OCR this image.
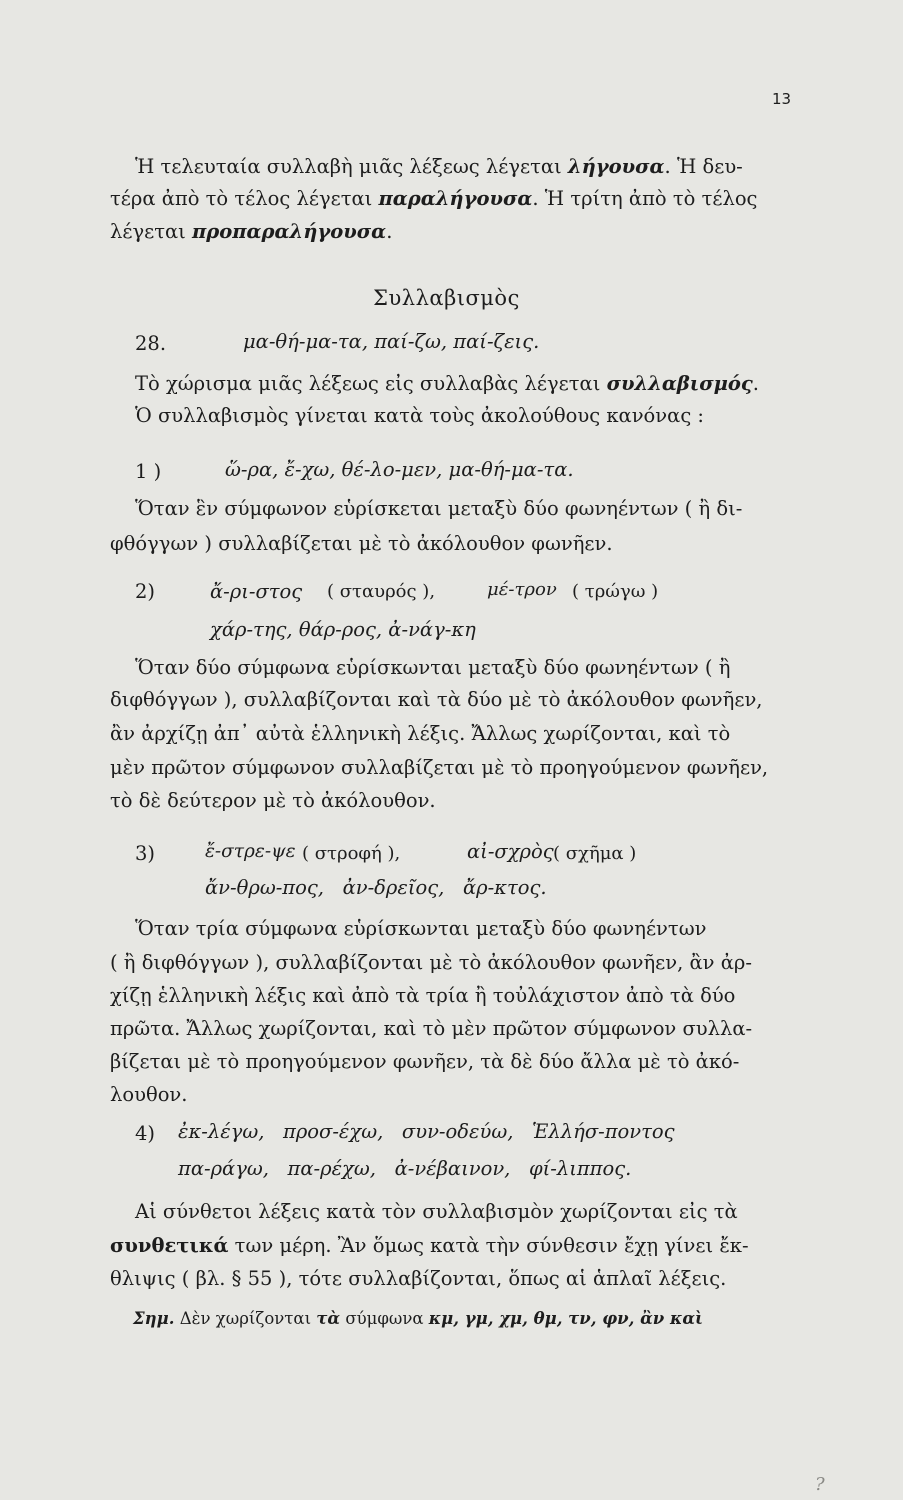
13
Ἡ τελευταία συλλαβὴ μιᾶς λέξεως λέγεται λήγουσα. Ἡ δευ-
τέρα ἀπὸ τὸ τέλος λέγεται παραλήγουσα. Ἡ τρίτη ἀπὸ τὸ τέλος
λέγεται προπαραλήγουσα.
Συλλαβισμὸς
28.	μα-θή-μα-τα, παί-ζω, παί-ζεις.
Τὸ χώρισμα μιᾶς λέξεως εἰς συλλαβὰς λέγεται συλλαβισμός.
Ὁ συλλαβισμὸς γίνεται κατὰ τοὺς ἀκολούθους κανόνας :
1 )	ὥ-ρα, ἔ-χω, θέ-λο-μεν, μα-θή-μα-τα.
Ὅταν ἓν σύμφωνον εὑρίσκεται μεταξὺ δύο φωνηέντων ( ἢ δι-
φθόγγων ) συλλαβίζεται μὲ τὸ ἀκόλουθον φωνῆεν.
2)	ἄ-ρι-στος ( σταυρός ),	μέ-τρον ( τρώγω )
χάρ-της, θάρ-ρος, ἀ-νάγ-κη
Ὅταν δύο σύμφωνα εὑρίσκωνται μεταξὺ δύο φωνηέντων ( ἢ
διφθόγγων ), συλλαβίζονται καὶ τὰ δύο μὲ τὸ ἀκόλουθον φωνῆεν,
ἂν ἀρχίζῃ ἀπ᾽ αὐτὰ ἑλληνικὴ λέξις. Ἄλλως χωρίζονται, καὶ τὸ
μὲν πρῶτον σύμφωνον συλλαβίζεται μὲ τὸ προηγούμενον φωνῆεν,
τὸ δὲ δεύτερον μὲ τὸ ἀκόλουθον.
3)	ἔ-στρε-ψε ( στροφή ),	αἰ-σχρὸς ( σχῆμα )
ἄν-θρω-πος,   ἀν-δρεῖος,   ἄρ-κτος.
Ὅταν τρία σύμφωνα εὑρίσκωνται μεταξὺ δύο φωνηέντων
( ἢ διφθόγγων ), συλλαβίζονται μὲ τὸ ἀκόλουθον φωνῆεν, ἂν ἀρ-
χίζῃ ἑλληνικὴ λέξις καὶ ἀπὸ τὰ τρία ἢ τοὐλάχιστον ἀπὸ τὰ δύο
πρῶτα. Ἄλλως χωρίζονται, καὶ τὸ μὲν πρῶτον σύμφωνον συλλα-
βίζεται μὲ τὸ προηγούμενον φωνῆεν, τὰ δὲ δύο ἄλλα μὲ τὸ ἀκό-
λουθον.
4) ἐκ-λέγω,   προσ-έχω,   συν-οδεύω,   Ἑλλήσ-ποντος
πα-ράγω,   πα-ρέχω,   ἀ-νέβαινον,   φί-λιππος.
Αἱ σύνθετοι λέξεις κατὰ τὸν συλλαβισμὸν χωρίζονται εἰς τὰ
συνθετικά των μέρη. Ἂν ὅμως κατὰ τὴν σύνθεσιν ἔχῃ γίνει ἔκ-
θλιψις ( βλ. § 55 ), τότε συλλαβίζονται, ὅπως αἱ ἁπλαῖ λέξεις.
Σημ. Δὲν χωρίζονται τὰ σύμφωνα κμ, γμ, χμ, θμ, τν, φν, ἂν καὶ
?
